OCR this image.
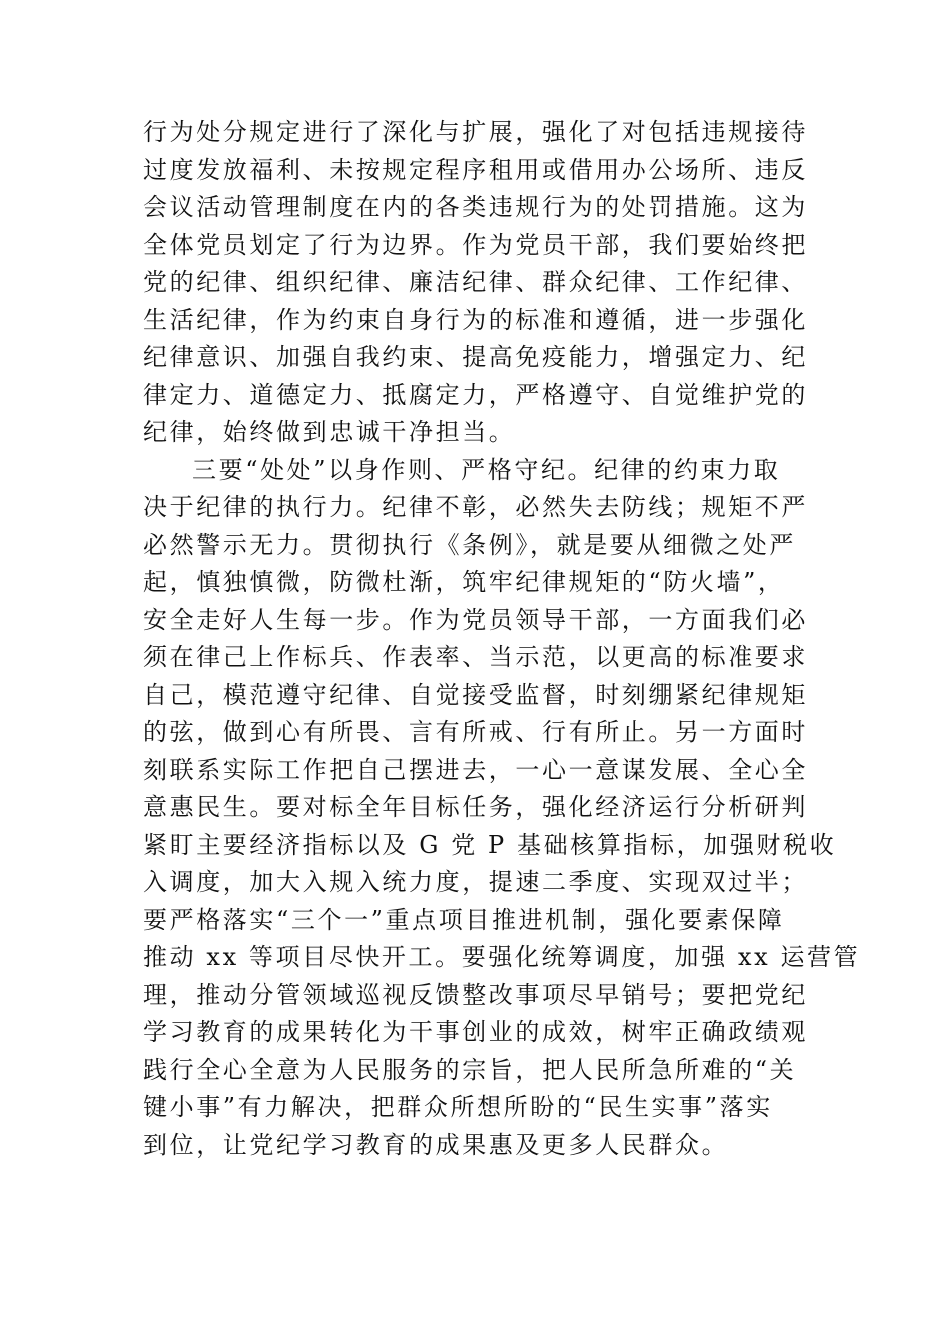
行为处分规定进行了深化与扩展，强化了对包括违规接待
过度发放福利、未按规定程序租用或借用办公场所、违反
会议活动管理制度在内的各类违规行为的处罚措施。这为
全体党员划定了行为边界。作为党员干部，我们要始终把
党的纪律、组织纪律、廉洁纪律、群众纪律、工作纪律、
生活纪律，作为约束自身行为的标准和遵循，进一步强化
纪律意识、加强自我约束、提高免疫能力，增强定力、纪
律定力、道德定力、抵腐定力，严格遵守、自觉维护党的
纪律，始终做到忠诚干净担当。
三要“处处”以身作则、严格守纪。纪律的约束力取
决于纪律的执行力。纪律不彰，必然失去防线；规矩不严
必然警示无力。贯彻执行《条例》，就是要从细微之处严
起，慎独慎微，防微杜渐，筑牢纪律规矩的“防火墙”，
安全走好人生每一步。作为党员领导干部，一方面我们必
须在律己上作标兵、作表率、当示范，以更高的标准要求
自己，模范遵守纪律、自觉接受监督，时刻绷紧纪律规矩
的弦，做到心有所畏、言有所戒、行有所止。另一方面时
刻联系实际工作把自己摆进去，一心一意谋发展、全心全
意惠民生。要对标全年目标任务，强化经济运行分析研判
紧盯主要经济指标以及 G 党 P 基础核算指标，加强财税收
入调度，加大入规入统力度，提速二季度、实现双过半；
要严格落实“三个一”重点项目推进机制，强化要素保障
推动 xx 等项目尽快开工。要强化统筹调度，加强 xx 运营管
理，推动分管领域巡视反馈整改事项尽早销号；要把党纪
学习教育的成果转化为干事创业的成效，树牢正确政绩观
践行全心全意为人民服务的宗旨，把人民所急所难的“关
键小事”有力解决，把群众所想所盼的“民生实事”落实
到位，让党纪学习教育的成果惠及更多人民群众。
